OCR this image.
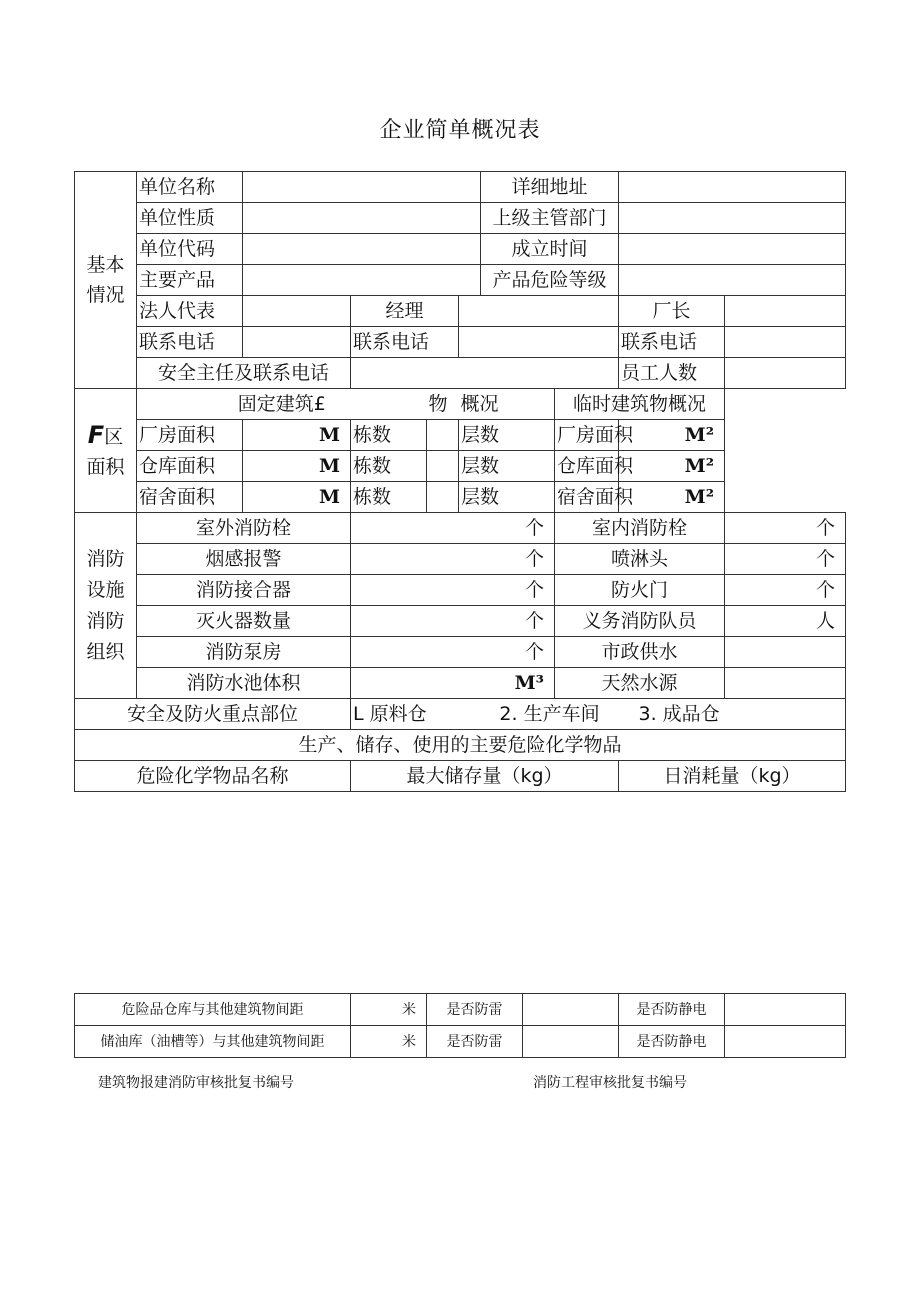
企业简单概况表
基本情况	单位名称					详细地址			
	单位性质					上级主管部门			
	单位代码					成立时间			
	主要产品					产品危险等级			
	法人代表		经理					厂长	
	联系电话		联系电话					联系电话	
	安全主任及联系电话							员工人数	

F区面积	固定建筑£			物	概况		临时建筑物概况		
	厂房面积	M	栋数		层数		厂房面积	M²	
	仓库面积	M	栋数		层数		仓库面积	M²	
	宿舍面积	M	栋数		层数		宿舍面积	M²	

消防设施消防组织	室外消防栓		个				室内消防栓		个
	烟感报警		个				喷淋头		个
	消防接合器		个				防火门		个
	灭火器数量		个				义务消防队员		人
	消防泵房		个				市政供水		
	消防水池体积		M³				天然水源		
安全及防火重点部位			L 原料仓			2. 生产车间		3. 成品仓	
生产、储存、使用的主要危险化学物品									
危险化学物品名称			最大储存量（kg）					日消耗量（kg）	
危险品仓库与其他建筑物间距	米	是否防雷		是否防静电	
储油库（油槽等）与其他建筑物间距	米	是否防雷		是否防静电	
建筑物报建消防审核批复书编号	消防工程审核批复书编号
